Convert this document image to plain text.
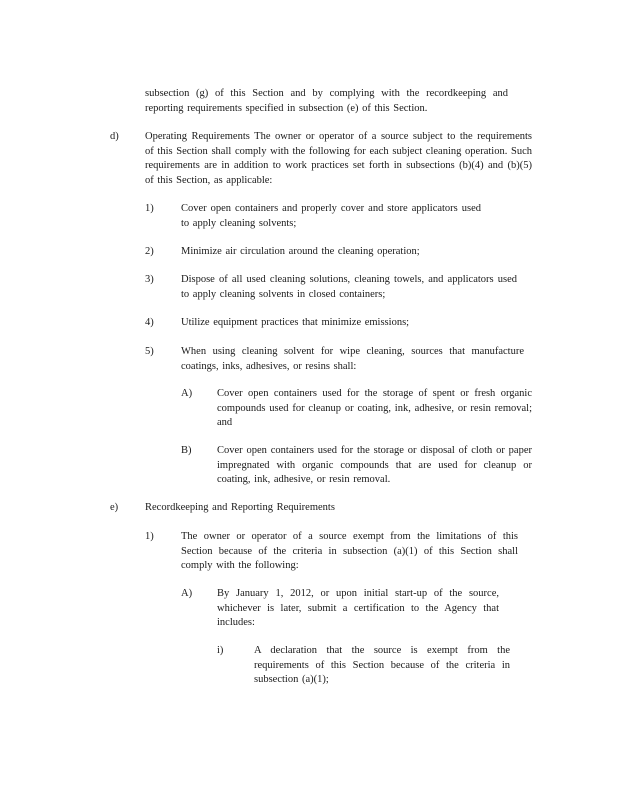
subsection (g) of this Section and by complying with the recordkeeping and reporting requirements specified in subsection (e) of this Section.

d)	Operating Requirements The owner or operator of a source subject to the requirements of this Section shall comply with the following for each subject cleaning operation. Such requirements are in addition to work practices set forth in subsections (b)(4) and (b)(5) of this Section, as applicable:

1)	Cover open containers and properly cover and store applicators used to apply cleaning solvents;

2)	Minimize air circulation around the cleaning operation;

3)	Dispose of all used cleaning solutions, cleaning towels, and applicators used to apply cleaning solvents in closed containers;

4)	Utilize equipment practices that minimize emissions;

5)	When using cleaning solvent for wipe cleaning, sources that manufacture coatings, inks, adhesives, or resins shall:

A) Cover open containers used for the storage of spent or fresh organic compounds used for cleanup or coating, ink, adhesive, or resin removal; and

B) Cover open containers used for the storage or disposal of cloth or paper impregnated with organic compounds that are used for cleanup or coating, ink, adhesive, or resin removal.

e)	Recordkeeping and Reporting Requirements

1)	The owner or operator of a source exempt from the limitations of this Section because of the criteria in subsection (a)(1) of this Section shall comply with the following:

A) By January 1, 2012, or upon initial start-up of the source, whichever is later, submit a certification to the Agency that includes:

i)	A declaration that the source is exempt from the requirements of this Section because of the criteria in subsection (a)(1);
